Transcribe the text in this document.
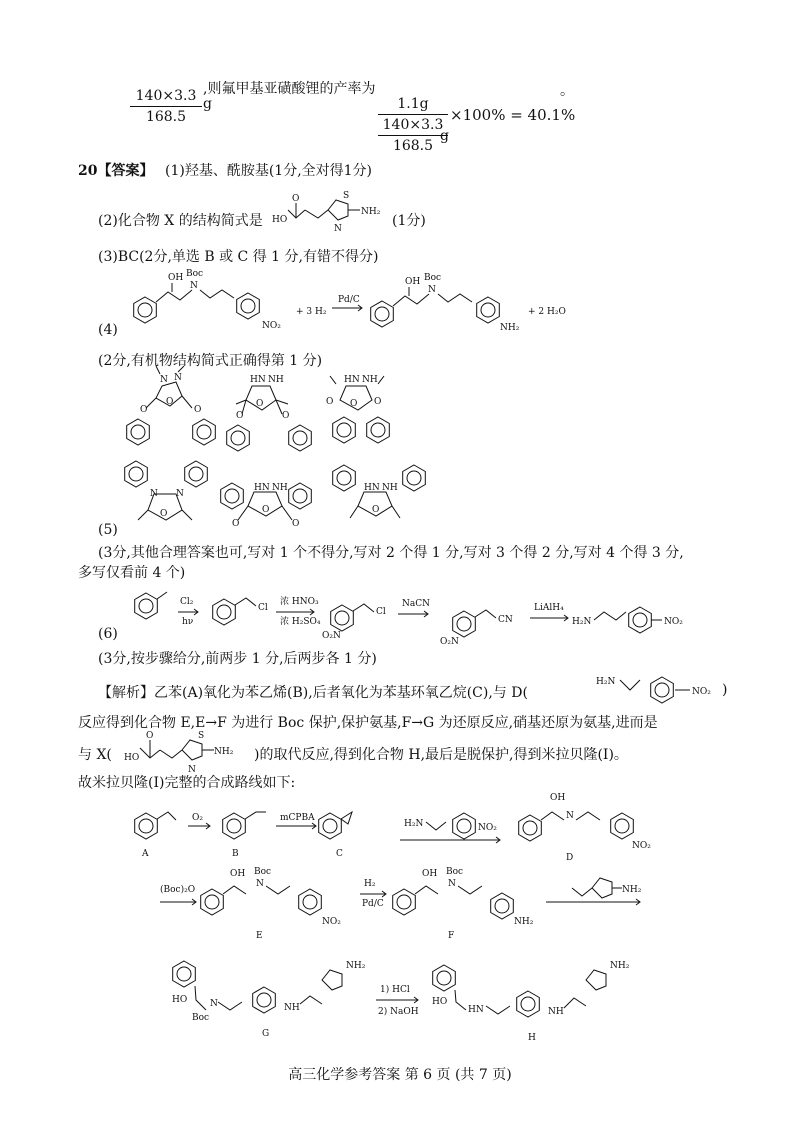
140×3.3
168.5
g
,则氟甲基亚磺酸锂的产率为
1.1g
140×3.3
168.5
g
×100% = 40.1%
。
20【答案】 (1)羟基、酰胺基(1分,全对得1分)
(2)化合物 X 的结构简式是	(1分)
(3)BC(2分,单选 B 或 C 得 1 分,有错不得分)
(4)
(2分,有机物结构简式正确得第 1 分)
(5)
(3分,其他合理答案也可,写对 1 个不得分,写对 2 个得 1 分,写对 3 个得 2 分,写对 4 个得 3 分,
多写仅看前 4 个)
(6)
(3分,按步骤给分,前两步 1 分,后两步各 1 分)
【解析】乙苯(A)氧化为苯乙烯(B),后者氧化为苯基环氧乙烷(C),与 D(	)
反应得到化合物 E,E→F 为进行 Boc 保护,保护氨基,F→G 为还原反应,硝基还原为氨基,进而是
与 X(	)的取代反应,得到化合物 H,最后是脱保护,得到米拉贝隆(I)。
故米拉贝隆(I)完整的合成路线如下:
高三化学参考答案 第 6 页 (共 7 页)
O
HO
S
N
NH₂
OH
N
Boc
NO₂
+ 3 H₂
Pd/C
OH
N
Boc
NH₂
+ 2 H₂O
N N
O
O	O
HN NH
O
O	O
HN NH
O
O	O
N N
O
HN NH
O
O	O
HN NH
O
Cl₂
hν
Cl
浓 HNO₃
浓 H₂SO₄
Cl
O₂N
NaCN
CN
O₂N
LiAlH₄
H₂N	NO₂
H₂N
NO₂
O
HO
S
N
NH₂
A
O₂
B
mCPBA
C
H₂N	NO₂
OH
N
NO₂
D
(Boc)₂O
OH
N
Boc
NO₂
E
H₂
Pd/C
OH
N
Boc
NH₂
F
NH₂
HO	N
Boc
NH
NH₂
G
1) HCl
2) NaOH
HO
HN	NH
NH₂
H
